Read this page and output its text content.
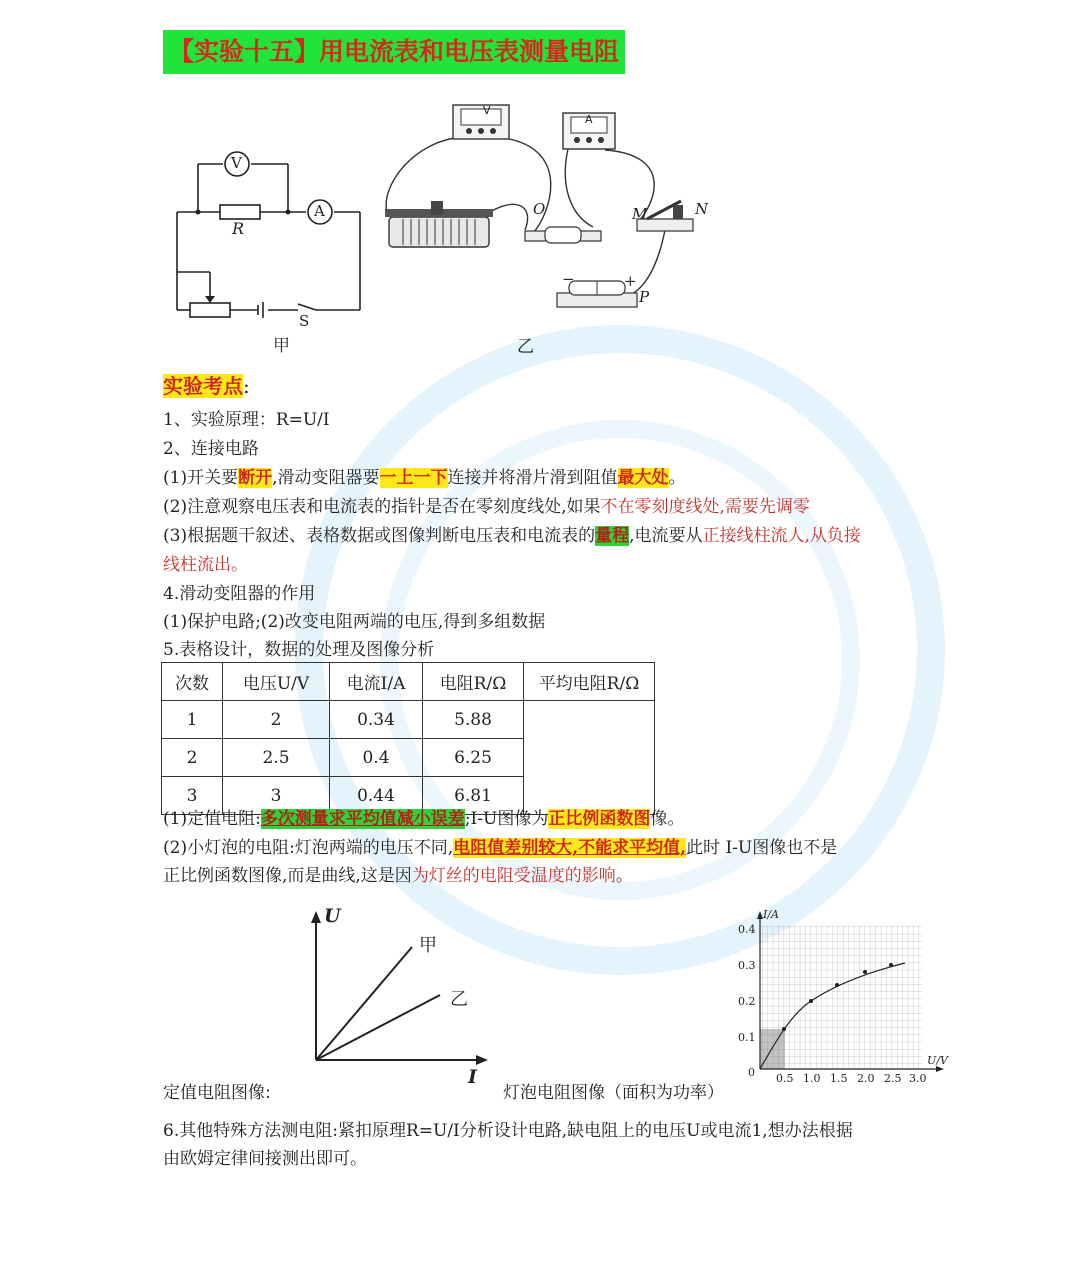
【实验十五】用电流表和电压表测量电阻
V
A
R
S
甲
V
A
O	M	N
P
−	+
乙
实验考点:
1、实验原理：R=U/I
2、连接电路
(1)开关要断开,滑动变阻器要一上一下连接并将滑片滑到阻值最大处。
(2)注意观察电压表和电流表的指针是否在零刻度线处,如果不在零刻度线处,需要先调零
(3)根据题干叙述、表格数据或图像判断电压表和电流表的量程,电流要从正接线柱流人,从负接
线柱流出。
4.滑动变阻器的作用
(1)保护电路;(2)改变电阻两端的电压,得到多组数据
5.表格设计，数据的处理及图像分析
次数	电压U/V	电流I/A	电阻R/Ω	平均电阻R/Ω
1	2	0.34	5.88	
2	2.5	0.4	6.25	
3	3	0.44	6.81	
(1)定值电阻:多次测量求平均值减小误差;I-U图像为正比例函数图像。
(2)小灯泡的电阻:灯泡两端的电压不同,电阻值差别较大,不能求平均值,此时 I-U图像也不是
正比例函数图像,而是曲线,这是因为灯丝的电阻受温度的影响。
U
I
甲
乙
定值电阻图像:
I/A
U/V
0 0.5 1.0 1.5 2.0 2.5 3.0
0.1
0.2
0.3
0.4
灯泡电阻图像（面积为功率）
6.其他特殊方法测电阻:紧扣原理R=U/I分析设计电路,缺电阻上的电压U或电流1,想办法根据
由欧姆定律间接测出即可。
